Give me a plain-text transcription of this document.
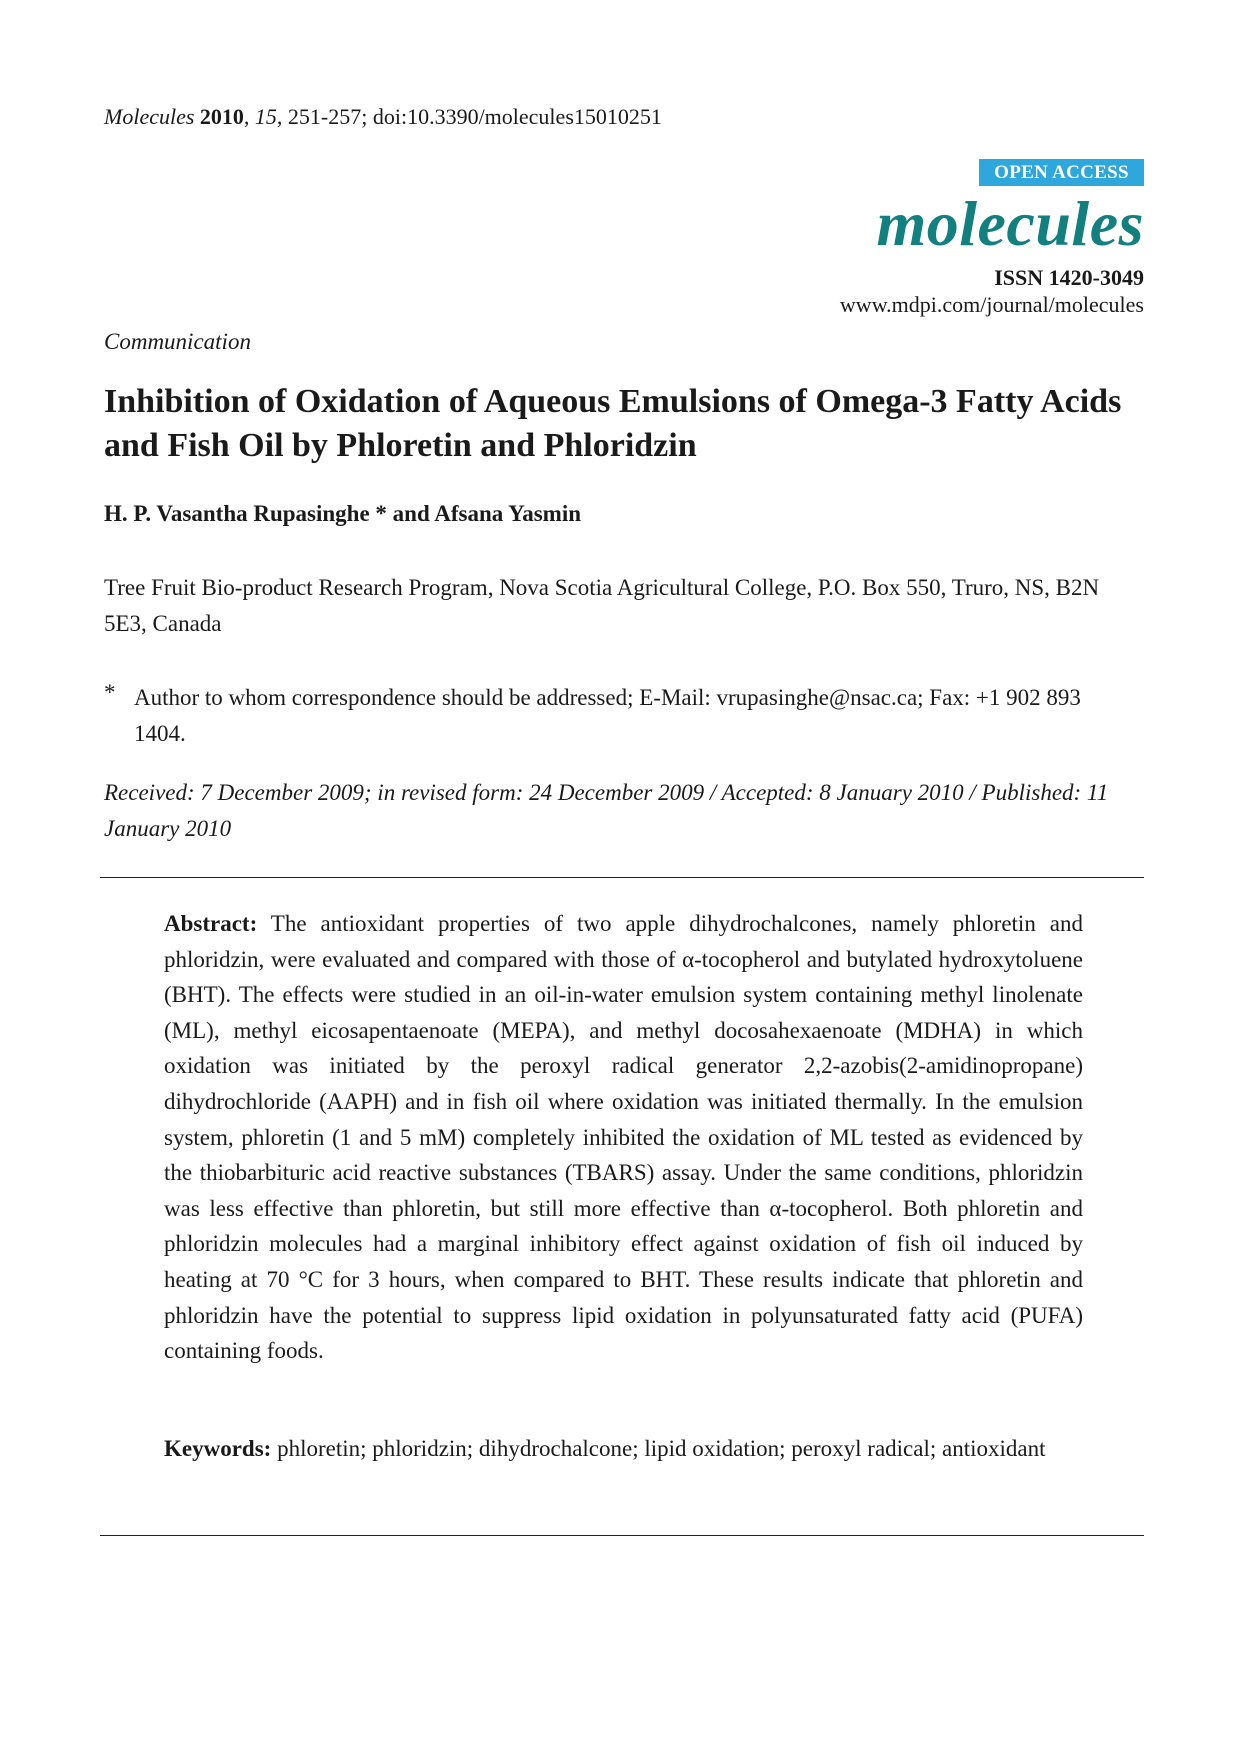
Molecules 2010, 15, 251-257; doi:10.3390/molecules15010251
OPEN ACCESS
molecules
ISSN 1420-3049
www.mdpi.com/journal/molecules
Communication
Inhibition of Oxidation of Aqueous Emulsions of Omega-3 Fatty Acids and Fish Oil by Phloretin and Phloridzin
H. P. Vasantha Rupasinghe * and Afsana Yasmin
Tree Fruit Bio-product Research Program, Nova Scotia Agricultural College, P.O. Box 550, Truro, NS, B2N 5E3, Canada
* Author to whom correspondence should be addressed; E-Mail: vrupasinghe@nsac.ca; Fax: +1 902 893 1404.
Received: 7 December 2009; in revised form: 24 December 2009 / Accepted: 8 January 2010 / Published: 11 January 2010
Abstract: The antioxidant properties of two apple dihydrochalcones, namely phloretin and phloridzin, were evaluated and compared with those of α-tocopherol and butylated hydroxytoluene (BHT). The effects were studied in an oil-in-water emulsion system containing methyl linolenate (ML), methyl eicosapentaenoate (MEPA), and methyl docosahexaenoate (MDHA) in which oxidation was initiated by the peroxyl radical generator 2,2-azobis(2-amidinopropane) dihydrochloride (AAPH) and in fish oil where oxidation was initiated thermally. In the emulsion system, phloretin (1 and 5 mM) completely inhibited the oxidation of ML tested as evidenced by the thiobarbituric acid reactive substances (TBARS) assay. Under the same conditions, phloridzin was less effective than phloretin, but still more effective than α-tocopherol. Both phloretin and phloridzin molecules had a marginal inhibitory effect against oxidation of fish oil induced by heating at 70 °C for 3 hours, when compared to BHT. These results indicate that phloretin and phloridzin have the potential to suppress lipid oxidation in polyunsaturated fatty acid (PUFA) containing foods.
Keywords: phloretin; phloridzin; dihydrochalcone; lipid oxidation; peroxyl radical; antioxidant
